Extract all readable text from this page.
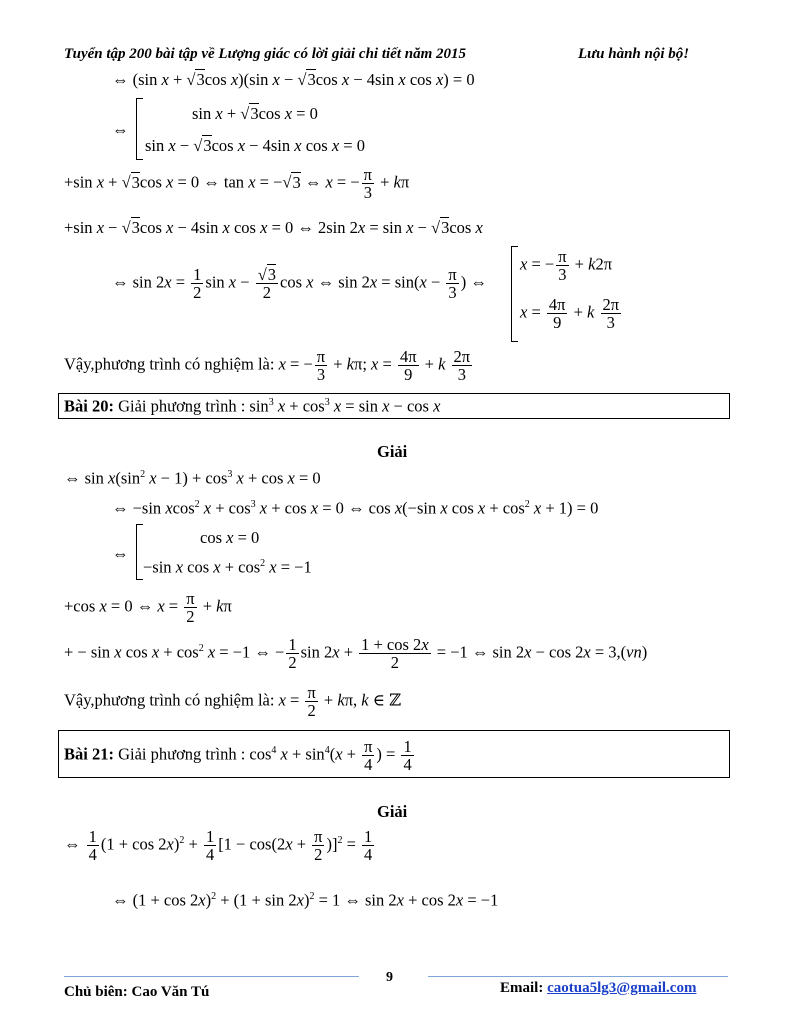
Tuyển tập 200 bài tập về Lượng giác có lời giải chi tiết năm 2015	Lưu hành nội bộ!
⇔ (sin x + √3cos x)(sin x − √3cos x − 4sin x cos x) = 0
⇔
sin x + √3cos x = 0
sin x − √3cos x − 4sin x cos x = 0
+sin x + √3cos x = 0 ⇔ tan x = −√3 ⇔ x = − $\frac{\pi}{3} + k\pi$
+sin x − √3cos x − 4sin x cos x = 0 ⇔ 2sin 2x = sin x − √3cos x
⇔ $\sin 2x = \frac{1}{2}$ $\sin x - \frac{√3}{2}$ cos x ⇔ $\sin 2x = \sin(x - \frac{\pi}{3}$ ) ⇔
x = − $\frac{\pi}{3} + k2\pi$
$x = \frac{4\pi}{9} + k \frac{2\pi}{3}$
Vậy,phương trình có nghiệm là: x = − $\frac{\pi}{3} + k\pi$; $x = \frac{4\pi}{9} + k \frac{2\pi}{3}$
Bài 20: Giải phương trình : $\sin^3 x + \cos^3 x = \sin x - \cos x$
Giải
⇔ $\sin x(\sin^2$ $x - 1) + \cos^3 x + \cos x = 0$
⇔ −sin xcos$^2$ $x + \cos^3 x + \cos x = 0$ ⇔ cos x(−sin x $\cos x + \cos^2 x + 1) = 0$
⇔
cos x = 0
−sin x $\cos x + \cos^2 x = -1$
+cos x = 0 ⇔ $x = \frac{\pi}{2} + k\pi$
+ − sin x $\cos x + \cos^2 x = -1$ ⇔ − $\frac{1}{2}$ $\sin 2x + \frac{1 + \cos 2x}{2} = -1$ ⇔ sin 2x − cos 2x = 3,(vn)
Vậy,phương trình có nghiệm là: $x = \frac{\pi}{2} + k\pi$, k ∈ ℤ
Bài 21: Giải phương trình : $\cos^4 x + \sin^4(x + \frac{\pi}{4}$ ) = $\frac{1}{4}$
Giải
⇔ $\frac{1}{4} (1 + \cos 2x)^2 + \frac{1}{4} [1 - \cos(2x + \frac{\pi}{2} )]^2 = \frac{1}{4}$
⇔ $(1 + \cos 2x)^2 + (1 + \sin 2x)^2 = 1$ ⇔ sin 2x + cos 2x = −1
9
Chủ biên: Cao Văn Tú	Email: caotua5lg3@gmail.com
